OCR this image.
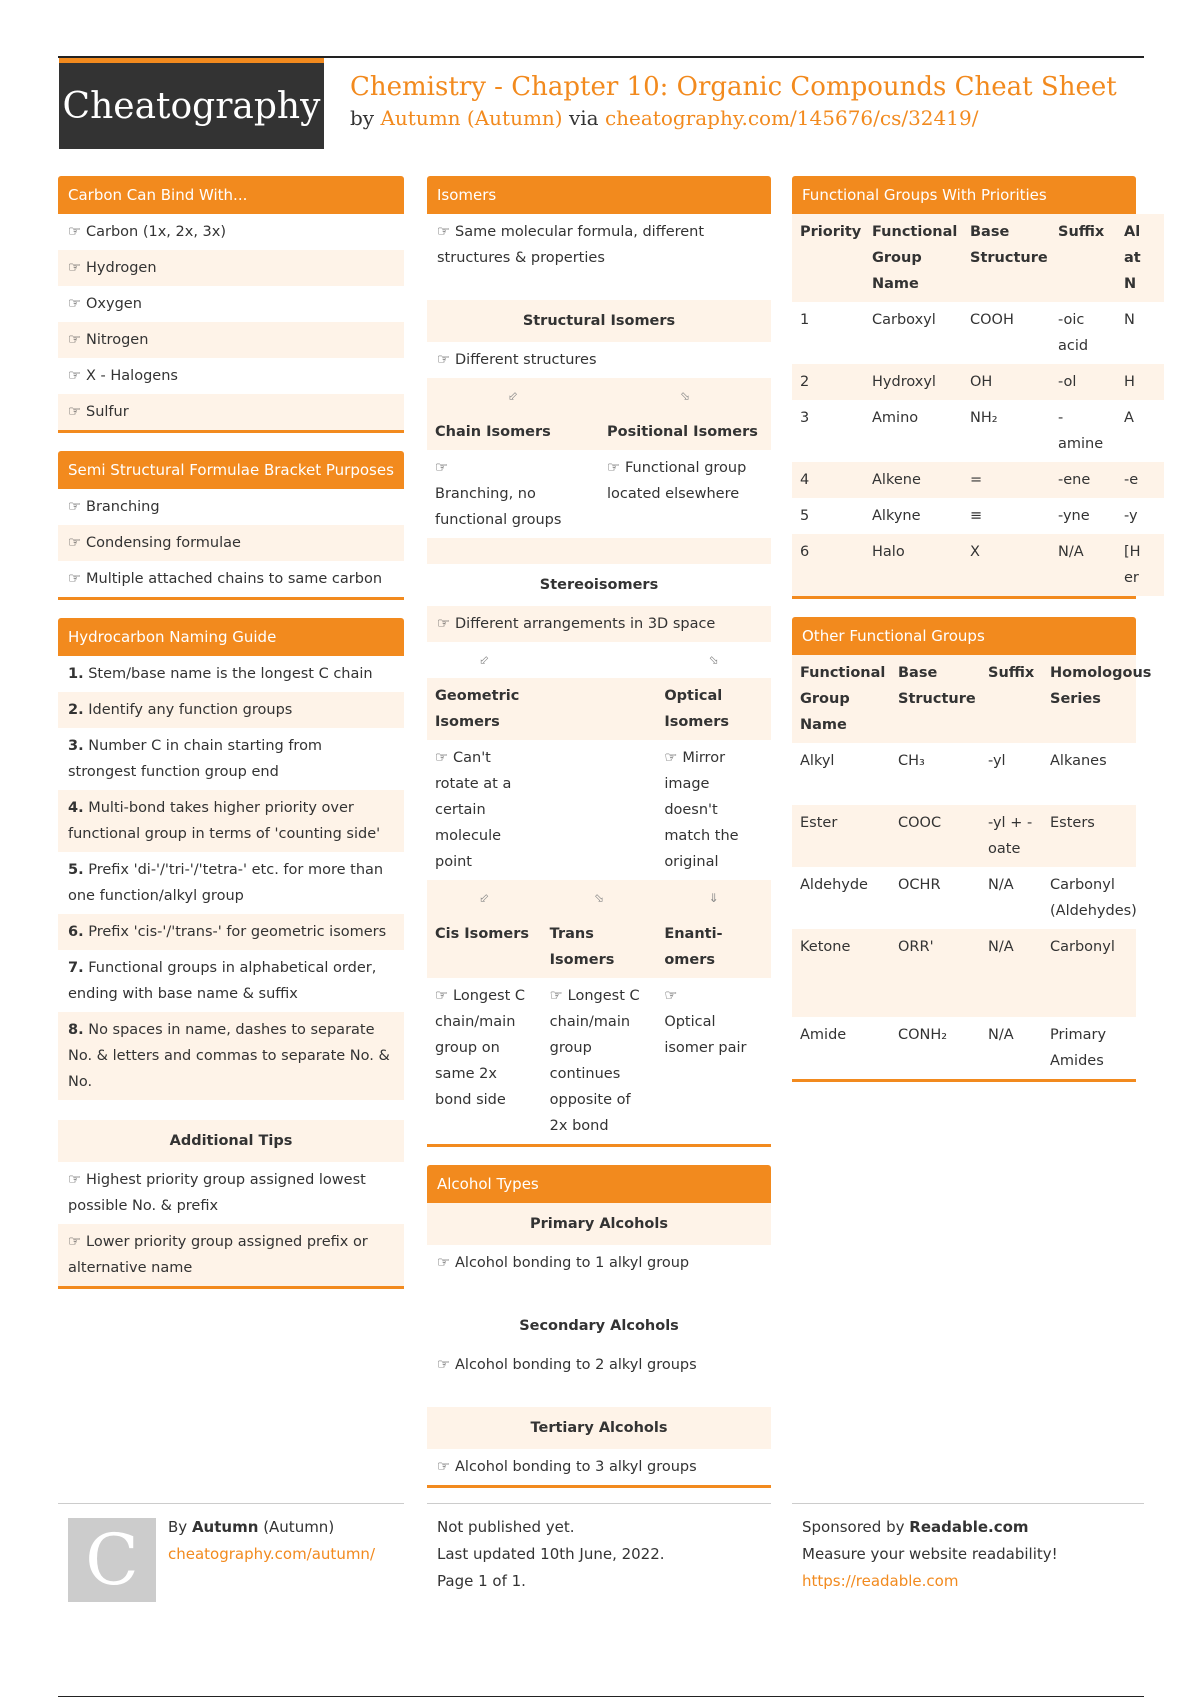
Cheatography Chemistry - Chapter 10: Organic Compounds Cheat Sheet
by Autumn (Autumn) via cheatography.com/145676/cs/32419/
Carbon Can Bind With...
☞ Carbon (1x, 2x, 3x)
☞ Hydrogen
☞ Oxygen
☞ Nitrogen
☞ X - Halogens
☞ Sulfur
Semi Structural Formulae Bracket Purposes
☞ Branching
☞ Condensing formulae
☞ Multiple attached chains to same carbon
Hydrocarbon Naming Guide
1. Stem/base name is the longest C chain
2. Identify any function groups
3. Number C in chain starting from strongest function group end
4. Multi-bond takes higher priority over functional group in terms of 'counting side'
5. Prefix 'di-'/'tri-'/'tetra-' etc. for more than one function/alkyl group
6. Prefix 'cis-'/'trans-' for geometric isomers
7. Functional groups in alphabetical order, ending with base name & suffix
8. No spaces in name, dashes to separate No. & letters and commas to separate No. & No.
Additional Tips
☞ Highest priority group assigned lowest possible No. & prefix
☞ Lower priority group assigned prefix or alternative name
Isomers
☞ Same molecular formula, different structures & properties
Structural Isomers
☞ Different structures
⬃	⬂
Chain Isomers	Positional Isomers
☞
Branching, no functional groups	☞ Functional group located elsewhere
Stereoisomers
☞ Different arrangements in 3D space
⬃		⬂
Geometric Isomers		Optical Isomers
☞ Can't rotate at a certain molecule point		☞ Mirror image doesn't match the original
⬃	⬂	⇓
Cis Isomers	Trans Isomers	Enanti-omers
☞ Longest C chain/main group on same 2x bond side	☞ Longest C chain/main group continues opposite of 2x bond	☞
Optical isomer pair
Alcohol Types
Primary Alcohols
☞ Alcohol bonding to 1 alkyl group
Secondary Alcohols
☞ Alcohol bonding to 2 alkyl groups
Tertiary Alcohols
☞ Alcohol bonding to 3 alkyl groups
Functional Groups With Priorities
Priority	Functional Group Name	Base Structure	Suffix	Al at N
1	Carboxyl	COOH	-oic acid	N
2	Hydroxyl	OH	-ol	H
3	Amino	NH₂	-amine	A
4	Alkene	=	-ene	-e
5	Alkyne	≡	-yne	-y
6	Halo	X	N/A	[H er
Other Functional Groups
Functional Group Name	Base Structure	Suffix	Homologous Series
Alkyl	CH₃	-yl	Alkanes
Ester	COOC	-yl + -oate	Esters
Aldehyde	OCHR	N/A	Carbonyl (Aldehydes)
Ketone	ORR'	N/A	Carbonyl
Amide	CONH₂	N/A	Primary Amides
C	By Autumn (Autumn)
cheatography.com/autumn/
Not published yet.
Last updated 10th June, 2022.
Page 1 of 1.
Sponsored by Readable.com
Measure your website readability!
https://readable.com
